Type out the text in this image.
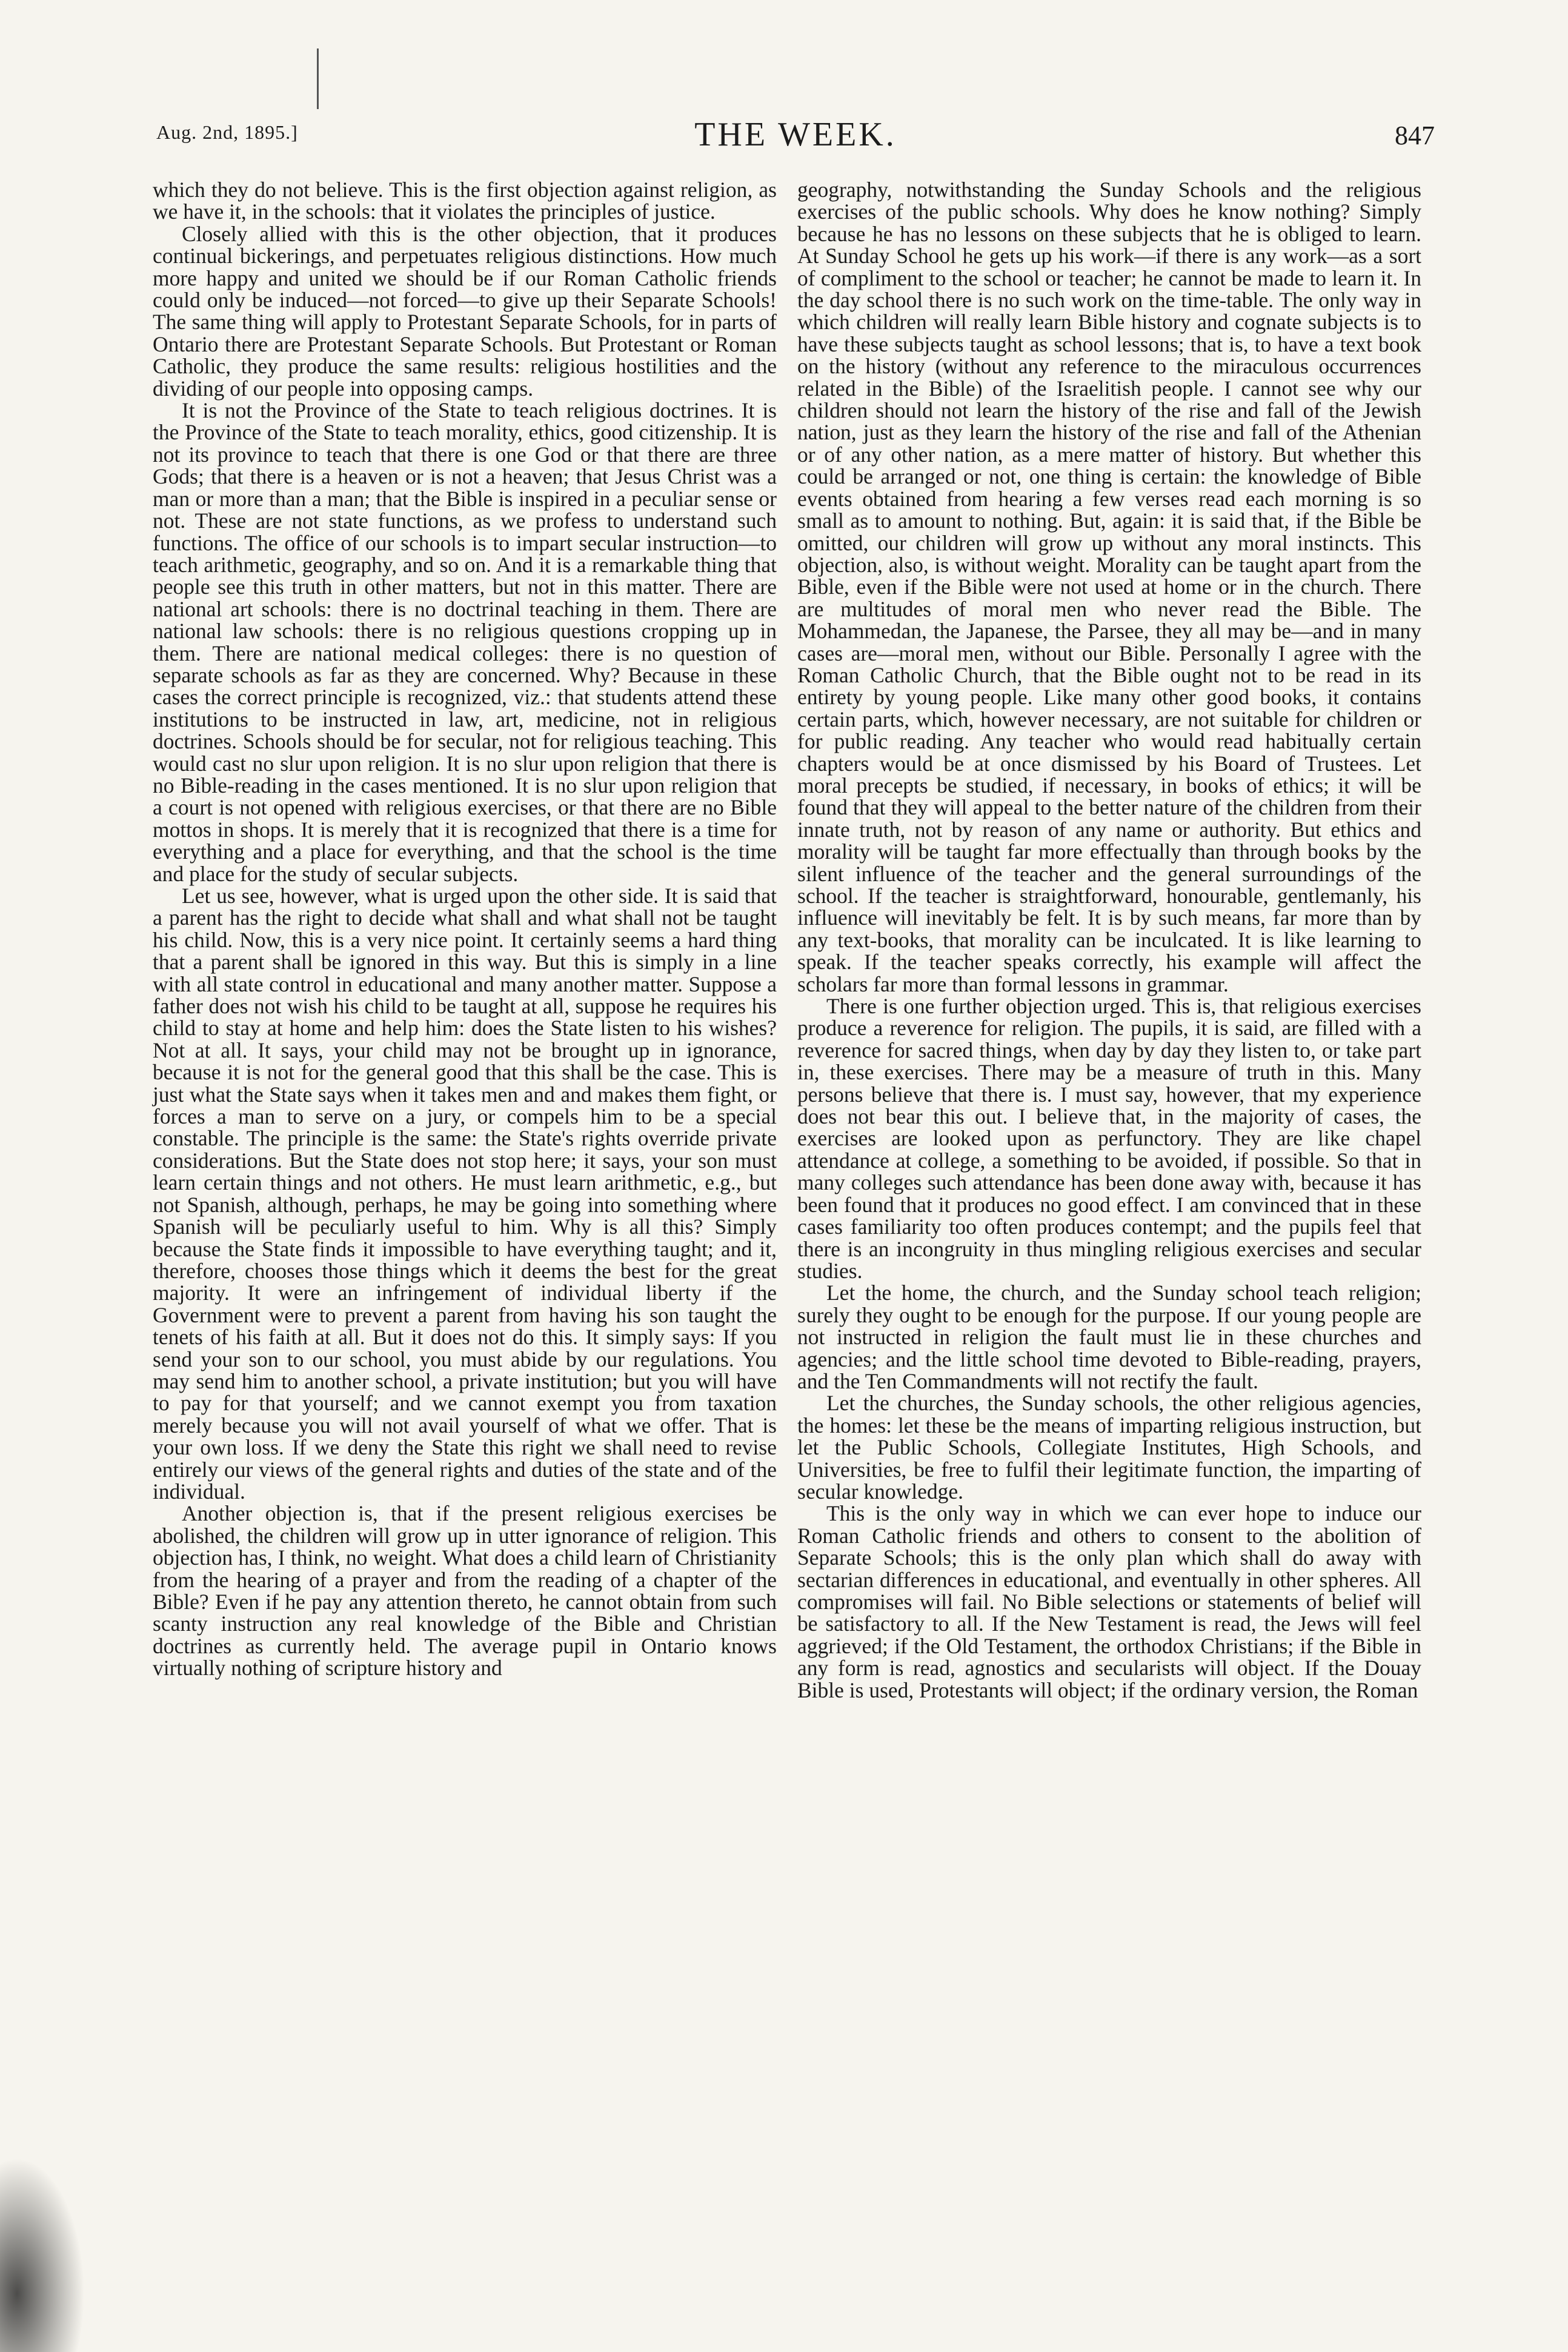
Aug. 2nd, 1895.]	THE WEEK.	847

which they do not believe. This is the first objection against religion, as we have it, in the schools: that it violates the principles of justice.

Closely allied with this is the other objection, that it produces continual bickerings, and perpetuates religious distinctions. How much more happy and united we should be if our Roman Catholic friends could only be induced—not forced—to give up their Separate Schools! The same thing will apply to Protestant Separate Schools, for in parts of Ontario there are Protestant Separate Schools. But Protestant or Roman Catholic, they produce the same results: religious hostilities and the dividing of our people into opposing camps.

It is not the Province of the State to teach religious doctrines. It is the Province of the State to teach morality, ethics, good citizenship. It is not its province to teach that there is one God or that there are three Gods; that there is a heaven or is not a heaven; that Jesus Christ was a man or more than a man; that the Bible is inspired in a peculiar sense or not. These are not state functions, as we profess to understand such functions. The office of our schools is to impart secular instruction—to teach arithmetic, geography, and so on. And it is a remarkable thing that people see this truth in other matters, but not in this matter. There are national art schools: there is no doctrinal teaching in them. There are national law schools: there is no religious questions cropping up in them. There are national medical colleges: there is no question of separate schools as far as they are concerned. Why? Because in these cases the correct principle is recognized, viz.: that students attend these institutions to be instructed in law, art, medicine, not in religious doctrines. Schools should be for secular, not for religious teaching. This would cast no slur upon religion. It is no slur upon religion that there is no Bible-reading in the cases mentioned. It is no slur upon religion that a court is not opened with religious exercises, or that there are no Bible mottos in shops. It is merely that it is recognized that there is a time for everything and a place for everything, and that the school is the time and place for the study of secular subjects.

Let us see, however, what is urged upon the other side. It is said that a parent has the right to decide what shall and what shall not be taught his child. Now, this is a very nice point. It certainly seems a hard thing that a parent shall be ignored in this way. But this is simply in a line with all state control in educational and many another matter. Suppose a father does not wish his child to be taught at all, suppose he requires his child to stay at home and help him: does the State listen to his wishes? Not at all. It says, your child may not be brought up in ignorance, because it is not for the general good that this shall be the case. This is just what the State says when it takes men and and makes them fight, or forces a man to serve on a jury, or compels him to be a special constable. The principle is the same: the State's rights override private considerations. But the State does not stop here; it says, your son must learn certain things and not others. He must learn arithmetic, e.g., but not Spanish, although, perhaps, he may be going into something where Spanish will be peculiarly useful to him. Why is all this? Simply because the State finds it impossible to have everything taught; and it, therefore, chooses those things which it deems the best for the great majority. It were an infringement of individual liberty if the Government were to prevent a parent from having his son taught the tenets of his faith at all. But it does not do this. It simply says: If you send your son to our school, you must abide by our regulations. You may send him to another school, a private institution; but you will have to pay for that yourself; and we cannot exempt you from taxation merely because you will not avail yourself of what we offer. That is your own loss. If we deny the State this right we shall need to revise entirely our views of the general rights and duties of the state and of the individual.

Another objection is, that if the present religious exercises be abolished, the children will grow up in utter ignorance of religion. This objection has, I think, no weight. What does a child learn of Christianity from the hearing of a prayer and from the reading of a chapter of the Bible? Even if he pay any attention thereto, he cannot obtain from such scanty instruction any real knowledge of the Bible and Christian doctrines as currently held. The average pupil in Ontario knows virtually nothing of scripture history and

geography, notwithstanding the Sunday Schools and the religious exercises of the public schools. Why does he know nothing? Simply because he has no lessons on these subjects that he is obliged to learn. At Sunday School he gets up his work—if there is any work—as a sort of compliment to the school or teacher; he cannot be made to learn it. In the day school there is no such work on the time-table. The only way in which children will really learn Bible history and cognate subjects is to have these subjects taught as school lessons; that is, to have a text book on the history (without any reference to the miraculous occurrences related in the Bible) of the Israelitish people. I cannot see why our children should not learn the history of the rise and fall of the Jewish nation, just as they learn the history of the rise and fall of the Athenian or of any other nation, as a mere matter of history. But whether this could be arranged or not, one thing is certain: the knowledge of Bible events obtained from hearing a few verses read each morning is so small as to amount to nothing. But, again: it is said that, if the Bible be omitted, our children will grow up without any moral instincts. This objection, also, is without weight. Morality can be taught apart from the Bible, even if the Bible were not used at home or in the church. There are multitudes of moral men who never read the Bible. The Mohammedan, the Japanese, the Parsee, they all may be—and in many cases are—moral men, without our Bible. Personally I agree with the Roman Catholic Church, that the Bible ought not to be read in its entirety by young people. Like many other good books, it contains certain parts, which, however necessary, are not suitable for children or for public reading. Any teacher who would read habitually certain chapters would be at once dismissed by his Board of Trustees. Let moral precepts be studied, if necessary, in books of ethics; it will be found that they will appeal to the better nature of the children from their innate truth, not by reason of any name or authority. But ethics and morality will be taught far more effectually than through books by the silent influence of the teacher and the general surroundings of the school. If the teacher is straightforward, honourable, gentlemanly, his influence will inevitably be felt. It is by such means, far more than by any text-books, that morality can be inculcated. It is like learning to speak. If the teacher speaks correctly, his example will affect the scholars far more than formal lessons in grammar.

There is one further objection urged. This is, that religious exercises produce a reverence for religion. The pupils, it is said, are filled with a reverence for sacred things, when day by day they listen to, or take part in, these exercises. There may be a measure of truth in this. Many persons believe that there is. I must say, however, that my experience does not bear this out. I believe that, in the majority of cases, the exercises are looked upon as perfunctory. They are like chapel attendance at college, a something to be avoided, if possible. So that in many colleges such attendance has been done away with, because it has been found that it produces no good effect. I am convinced that in these cases familiarity too often produces contempt; and the pupils feel that there is an incongruity in thus mingling religious exercises and secular studies.

Let the home, the church, and the Sunday school teach religion; surely they ought to be enough for the purpose. If our young people are not instructed in religion the fault must lie in these churches and agencies; and the little school time devoted to Bible-reading, prayers, and the Ten Commandments will not rectify the fault.

Let the churches, the Sunday schools, the other religious agencies, the homes: let these be the means of imparting religious instruction, but let the Public Schools, Collegiate Institutes, High Schools, and Universities, be free to fulfil their legitimate function, the imparting of secular knowledge.

This is the only way in which we can ever hope to induce our Roman Catholic friends and others to consent to the abolition of Separate Schools; this is the only plan which shall do away with sectarian differences in educational, and eventually in other spheres. All compromises will fail. No Bible selections or statements of belief will be satisfactory to all. If the New Testament is read, the Jews will feel aggrieved; if the Old Testament, the orthodox Christians; if the Bible in any form is read, agnostics and secularists will object. If the Douay Bible is used, Protestants will object; if the ordinary version, the Roman
